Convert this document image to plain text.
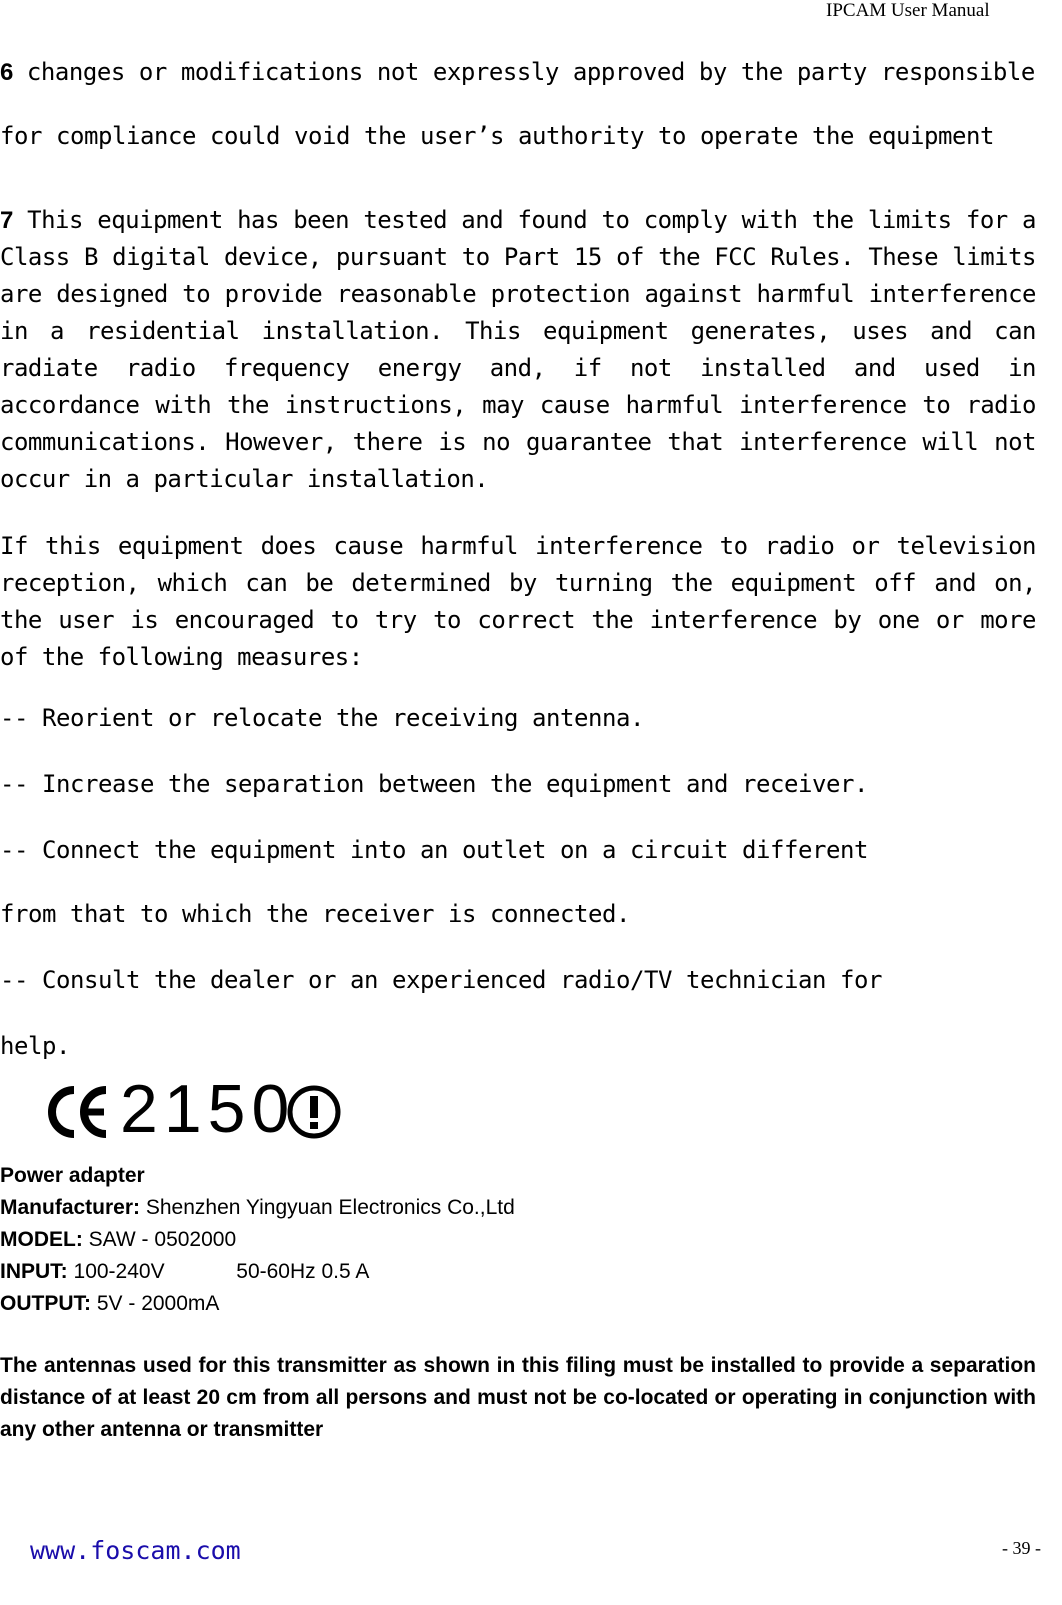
IPCAM User Manual
6 changes or modifications not expressly approved by the party responsible
for compliance could void the user’s authority to operate the equipment

7 This equipment has been tested and found to comply with the limits for a Class B digital device, pursuant to Part 15 of the FCC Rules. These limits are designed to provide reasonable protection against harmful interference in a residential installation. This equipment generates, uses and can radiate radio frequency energy and, if not installed and used in accordance with the instructions, may cause harmful interference to radio communications. However, there is no guarantee that interference will not occur in a particular installation.

If this equipment does cause harmful interference to radio or television reception, which can be determined by turning the equipment off and on, the user is encouraged to try to correct the interference by one or more of the following measures:

-- Reorient or relocate the receiving antenna.
-- Increase the separation between the equipment and receiver.
-- Connect the equipment into an outlet on a circuit different
from that to which the receiver is connected.
-- Consult the dealer or an experienced radio/TV technician for
help.
2150
Power adapter
Manufacturer: Shenzhen Yingyuan Electronics Co.,Ltd
MODEL: SAW - 0502000
INPUT: 100-240V	50-60Hz 0.5 A
OUTPUT: 5V - 2000mA

The antennas used for this transmitter as shown in this filing must be installed to provide a separation distance of at least 20 cm from all persons and must not be co-located or operating in conjunction with any other antenna or transmitter

www.foscam.com	- 39 -
